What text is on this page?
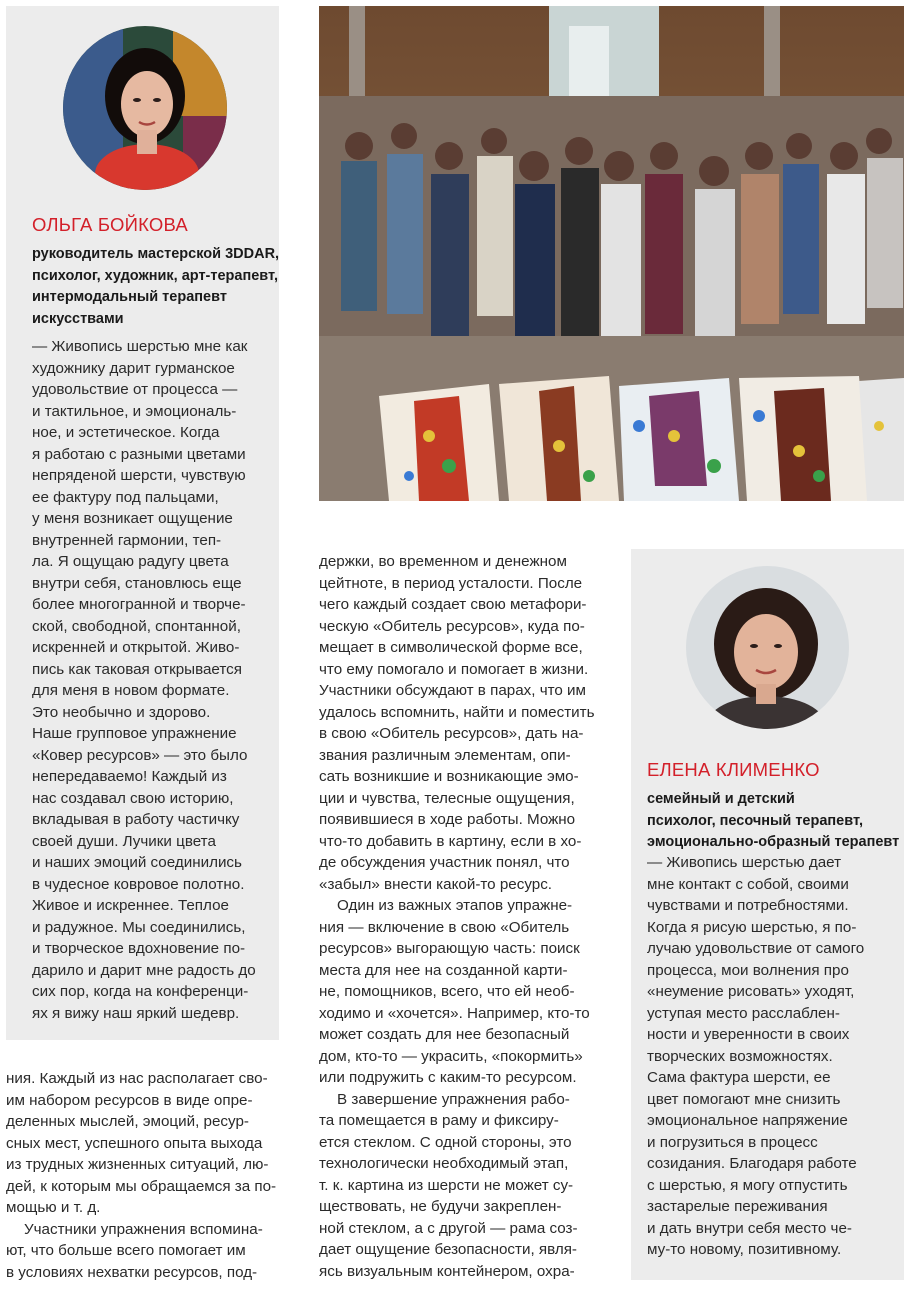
ОЛЬГА БОЙКОВА
руководитель мастерской 3DDAR,
психолог, художник, арт-терапевт,
интермодальный терапевт
искусствами
— Живопись шерстью мне как
художнику дарит гурманское
удовольствие от процесса —
и тактильное, и эмоциональ-
ное, и эстетическое. Когда
я работаю с разными цветами
непряденой шерсти, чувствую
ее фактуру под пальцами,
у меня возникает ощущение
внутренней гармонии, теп-
ла. Я ощущаю радугу цвета
внутри себя, становлюсь еще
более многогранной и творче-
ской, свободной, спонтанной,
искренней и открытой. Живо-
пись как таковая открывается
для меня в новом формате.
Это необычно и здорово.
Наше групповое упражнение
«Ковер ресурсов» — это было
непередаваемо! Каждый из
нас создавал свою историю,
вкладывая в работу частичку
своей души. Лучики цвета
и наших эмоций соединились
в чудесное ковровое полотно.
Живое и искреннее. Теплое
и радужное. Мы соединились,
и творческое вдохновение по-
дарило и дарит мне радость до
сих пор, когда на конференци-
ях я вижу наш яркий шедевр.
ЕЛЕНА КЛИМЕНКО
семейный и детский
психолог, песочный терапевт,
эмоционально-образный терапевт
— Живопись шерстью дает
мне контакт с собой, своими
чувствами и потребностями.
Когда я рисую шерстью, я по-
лучаю удовольствие от самого
процесса, мои волнения про
«неумение рисовать» уходят,
уступая место расслаблен-
ности и уверенности в своих
творческих возможностях.
Сама фактура шерсти, ее
цвет помогают мне снизить
эмоциональное напряжение
и погрузиться в процесс
созидания. Благодаря работе
с шерстью, я могу отпустить
застарелые переживания
и дать внутри себя место че-
му-то новому, позитивному.
ния. Каждый из нас располагает сво-
им набором ресурсов в виде опре-
деленных мыслей, эмоций, ресур-
сных мест, успешного опыта выхода
из трудных жизненных ситуаций, лю-
дей, к которым мы обращаемся за по-
мощью и т. д.
Участники упражнения вспомина-
ют, что больше всего помогает им
в условиях нехватки ресурсов, под-
держки, во временном и денежном
цейтноте, в период усталости. После
чего каждый создает свою метафори-
ческую «Обитель ресурсов», куда по-
мещает в символической форме все,
что ему помогало и помогает в жизни.
Участники обсуждают в парах, что им
удалось вспомнить, найти и поместить
в свою «Обитель ресурсов», дать на-
звания различным элементам, опи-
сать возникшие и возникающие эмо-
ции и чувства, телесные ощущения,
появившиеся в ходе работы. Можно
что-то добавить в картину, если в хо-
де обсуждения участник понял, что
«забыл» внести какой-то ресурс.
Один из важных этапов упражне-
ния — включение в свою «Обитель
ресурсов» выгорающую часть: поиск
места для нее на созданной карти-
не, помощников, всего, что ей необ-
ходимо и «хочется». Например, кто-то
может создать для нее безопасный
дом, кто-то — украсить, «покормить»
или подружить с каким-то ресурсом.
В завершение упражнения рабо-
та помещается в раму и фиксиру-
ется стеклом. С одной стороны, это
технологически необходимый этап,
т. к. картина из шерсти не может су-
ществовать, не будучи закреплен-
ной стеклом, а с другой — рама соз-
дает ощущение безопасности, явля-
ясь визуальным контейнером, охра-
